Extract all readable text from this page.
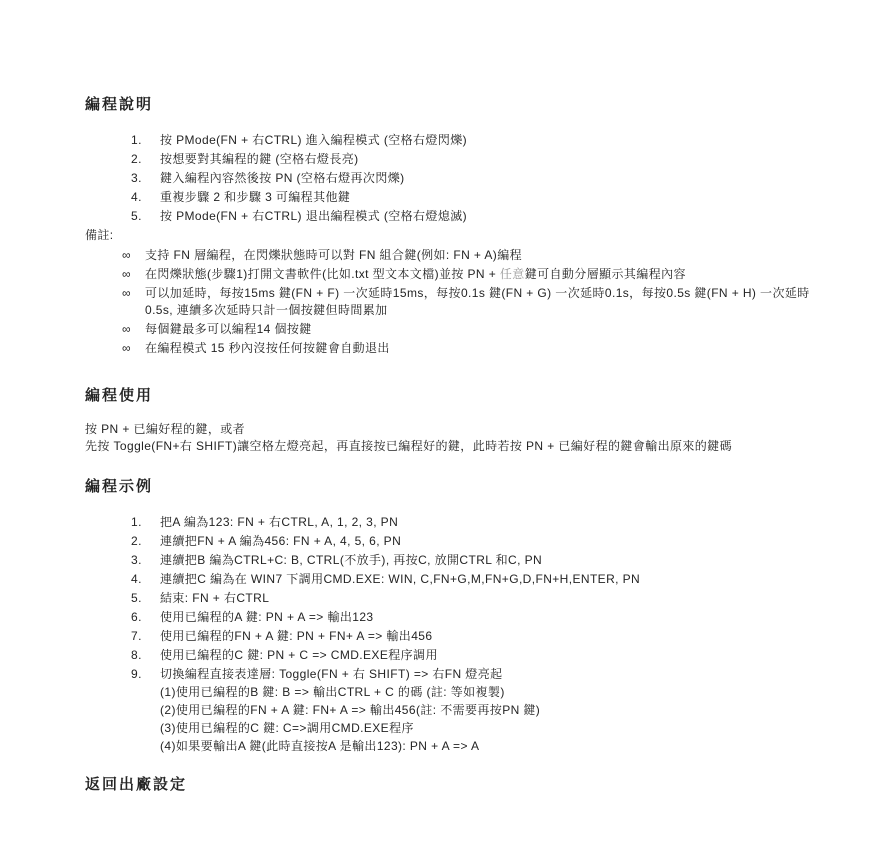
編程說明
1.	按 PMode(FN + 右CTRL) 進入編程模式 (空格右燈閃爍)
2.	按想要對其編程的鍵 (空格右燈長亮)
3.	鍵入編程內容然後按 PN (空格右燈再次閃爍)
4.	重複步驟 2 和步驟 3 可編程其他鍵
5.	按 PMode(FN + 右CTRL) 退出編程模式 (空格右燈熄滅)
備註:
∞	支持 FN 層編程，在閃爍狀態時可以對 FN 組合鍵(例如: FN + A)編程
∞	在閃爍狀態(步驟1)打開文書軟件(比如.txt 型文本文檔)並按 PN + 任意鍵可自動分層顯示其編程內容
∞	可以加延時，每按15ms 鍵(FN + F) 一次延時15ms，每按0.1s 鍵(FN + G) 一次延時0.1s，每按0.5s 鍵(FN + H) 一次延時0.5s, 連續多次延時只計一個按鍵但時間累加
∞	每個鍵最多可以編程14 個按鍵
∞	在編程模式 15 秒內沒按任何按鍵會自動退出
編程使用

按 PN + 已編好程的鍵，或者
先按 Toggle(FN+右 SHIFT)讓空格左燈亮起，再直接按已編程好的鍵，此時若按 PN + 已編好程的鍵會輸出原來的鍵碼

編程示例
1.	把A 編為123: FN + 右CTRL, A, 1, 2, 3, PN
2.	連續把FN + A 編為456: FN + A, 4, 5, 6, PN
3.	連續把B 編為CTRL+C: B, CTRL(不放手), 再按C, 放開CTRL 和C, PN
4.	連續把C 編為在 WIN7 下調用CMD.EXE: WIN, C,FN+G,M,FN+G,D,FN+H,ENTER, PN
5.	結束: FN + 右CTRL
6.	使用已編程的A 鍵: PN + A => 輸出123
7.	使用已編程的FN + A 鍵: PN + FN+ A => 輸出456
8.	使用已編程的C 鍵: PN + C => CMD.EXE程序調用
9.	切換編程直接表達層: Toggle(FN + 右 SHIFT) => 右FN 燈亮起
(1)使用已編程的B 鍵: B => 輸出CTRL + C 的碼 (註: 等如複製)
(2)使用已編程的FN + A 鍵: FN+ A => 輸出456(註: 不需要再按PN 鍵)
(3)使用已編程的C 鍵: C=>調用CMD.EXE程序
(4)如果要輸出A 鍵(此時直接按A 是輸出123): PN + A => A
返回出廠設定
